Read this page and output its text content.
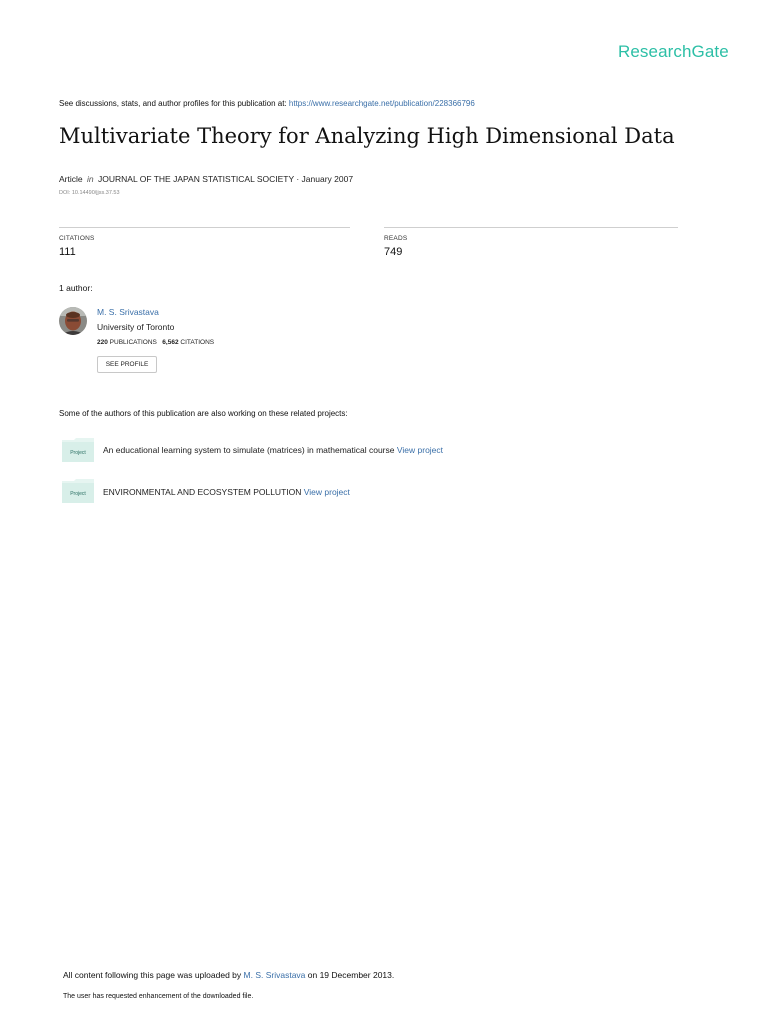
ResearchGate
See discussions, stats, and author profiles for this publication at: https://www.researchgate.net/publication/228366796
Multivariate Theory for Analyzing High Dimensional Data
Article in JOURNAL OF THE JAPAN STATISTICAL SOCIETY · January 2007
DOI: 10.14490/jjss.37.53
CITATIONS
111
READS
749
1 author:
M. S. Srivastava
University of Toronto
220 PUBLICATIONS 6,562 CITATIONS
SEE PROFILE
Some of the authors of this publication are also working on these related projects:
Project An educational learning system to simulate (matrices) in mathematical course View project
Project ENVIRONMENTAL AND ECOSYSTEM POLLUTION View project
All content following this page was uploaded by M. S. Srivastava on 19 December 2013.
The user has requested enhancement of the downloaded file.
